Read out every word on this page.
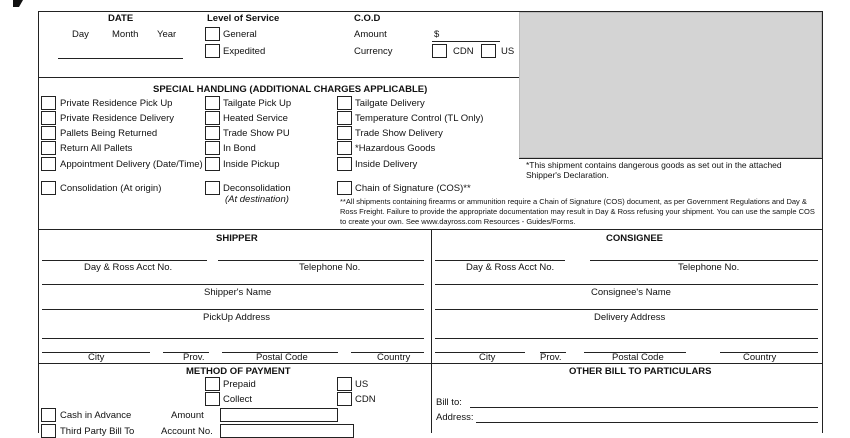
DATE
Day Month Year
Level of Service
General
Expedited
C.O.D
Amount	$
Currency	CDN	US
SPECIAL HANDLING (ADDITIONAL CHARGES APPLICABLE)
Private Residence Pick Up
Private Residence Delivery
Pallets Being Returned
Return All Pallets
Appointment Delivery (Date/Time)
Tailgate Pick Up
Heated Service
Trade Show PU
In Bond
Inside Pickup
Tailgate Delivery
Temperature Control (TL Only)
Trade Show Delivery
*Hazardous Goods
Inside Delivery	*This shipment contains dangerous goods as set out in the attached Shipper's Declaration.
Consolidation (At origin)	Deconsolidation
(At destination)
Chain of Signature (COS)**
**All shipments containing firearms or ammunition require a Chain of Signature (COS) document, as per Government Regulations and Day & Ross Freight. Failure to provide the appropriate documentation may result in Day & Ross refusing your shipment. You can use the sample COS to create your own. See www.dayross.com Resources - Guides/Forms.
SHIPPER
Day & Ross Acct No.	Telephone No.
Shipper's Name
PickUp Address
City	Prov.	Postal Code	Country
CONSIGNEE
Day & Ross Acct No.	Telephone No.
Consignee's Name
Delivery Address
City	Prov.	Postal Code	Country
METHOD OF PAYMENT
Prepaid
Collect
US
CDN
Cash in Advance	Amount
Third Party Bill To	Account No.
OTHER BILL TO PARTICULARS
Bill to:
Address:
